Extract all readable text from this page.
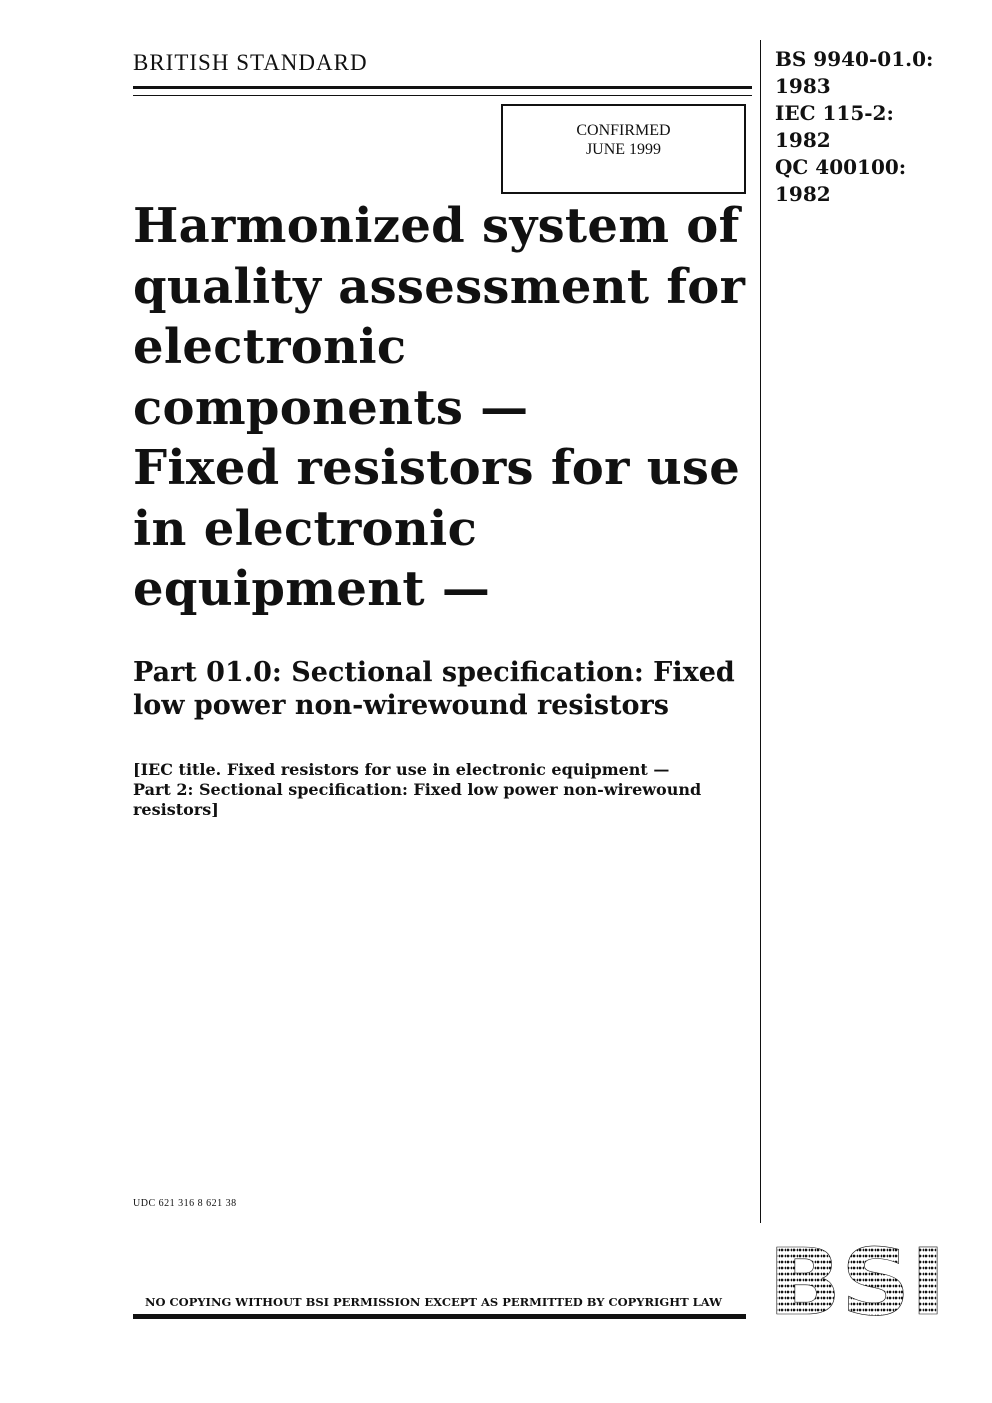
BRITISH STANDARD
CONFIRMED
JUNE 1999
BS 9940-01.0:
1983
IEC 115-2:
1982
QC 400100:
1982
Harmonized system of
quality assessment for
electronic
components —
Fixed resistors for use
in electronic
equipment —
Part 01.0: Sectional specification: Fixed
low power non-wirewound resistors

[IEC title. Fixed resistors for use in electronic equipment —
Part 2: Sectional specification: Fixed low power non-wirewound
resistors]

UDC 621 316 8 621 38
NO COPYING WITHOUT BSI PERMISSION EXCEPT AS PERMITTED BY COPYRIGHT LAW BSI
